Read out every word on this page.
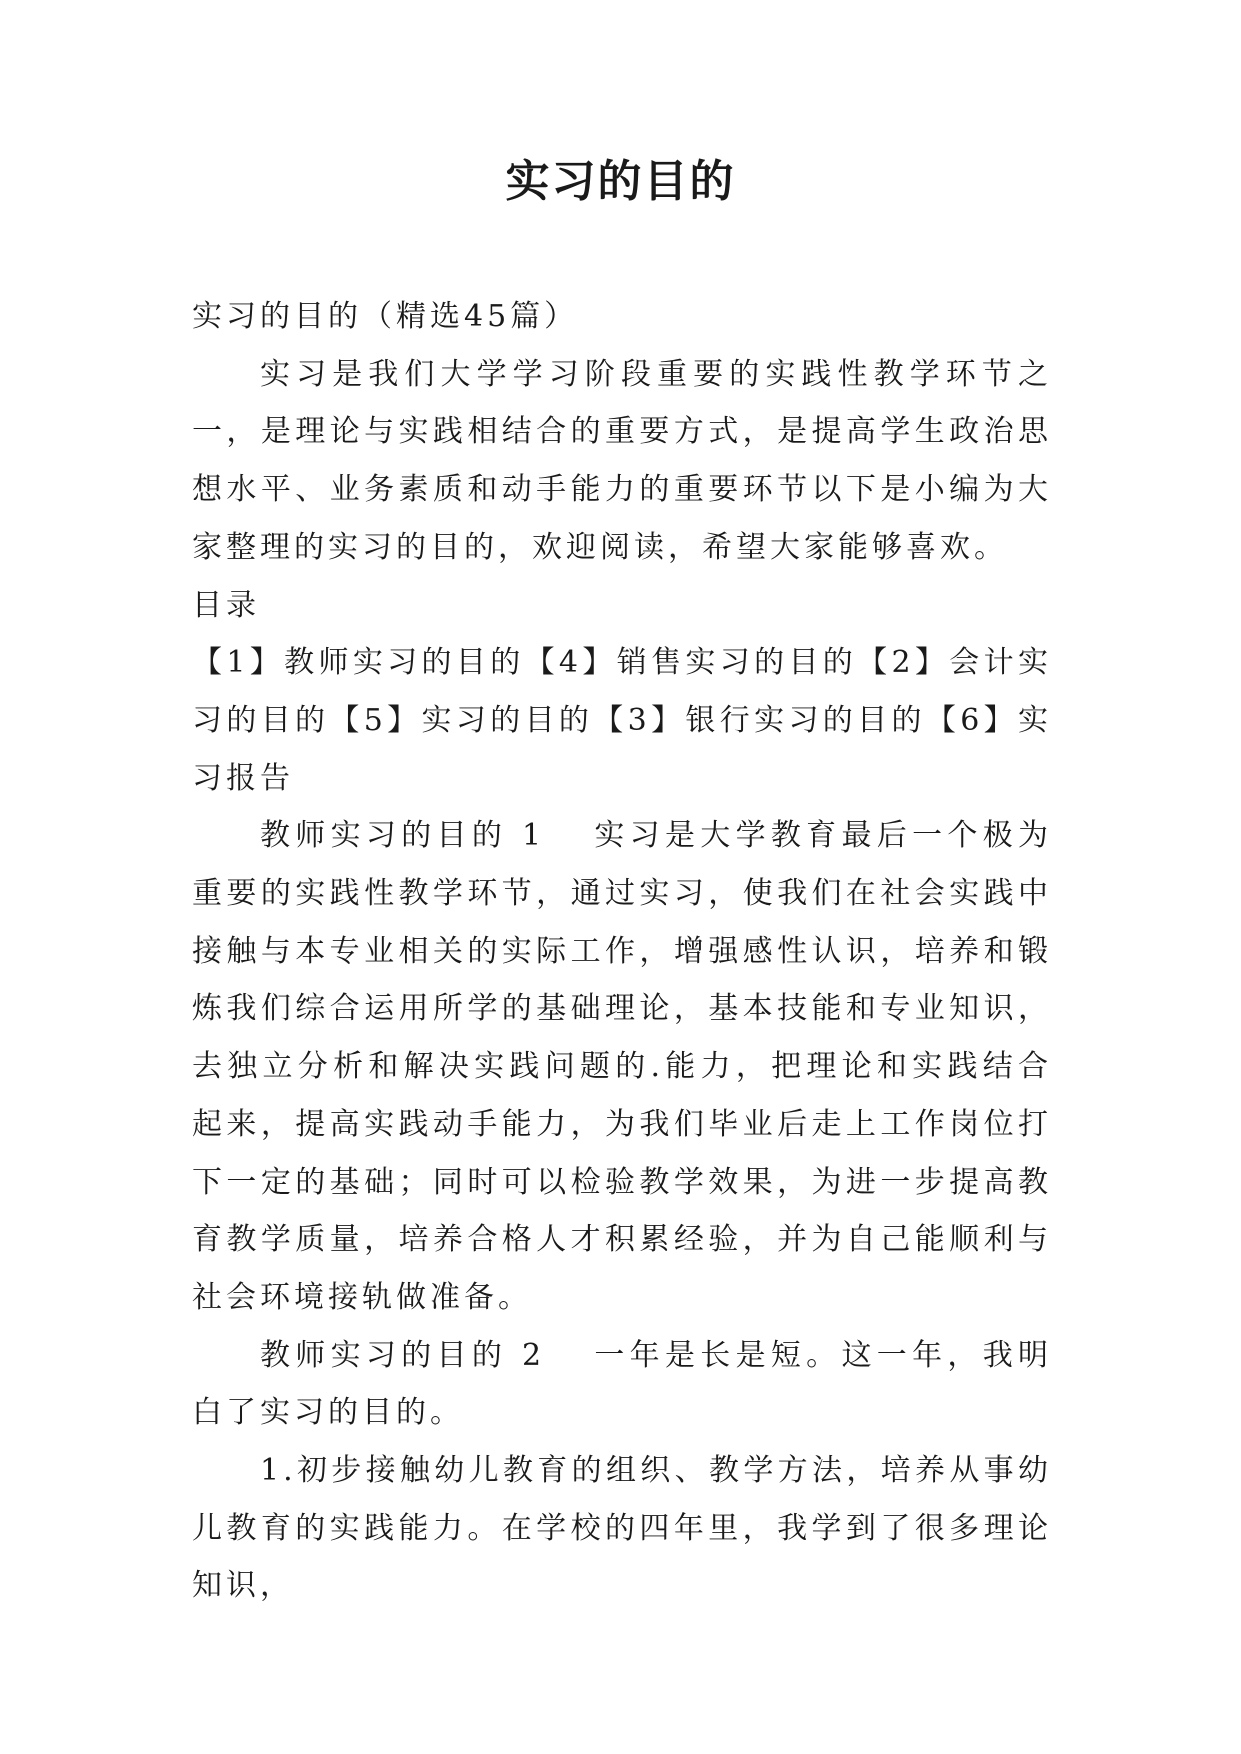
实习的目的

实习的目的（精选45篇）

实习是我们大学学习阶段重要的实践性教学环节之一，是理论与实践相结合的重要方式，是提高学生政治思想水平、业务素质和动手能力的重要环节以下是小编为大家整理的实习的目的，欢迎阅读，希望大家能够喜欢。

目录

【1】教师实习的目的【4】销售实习的目的【2】会计实习的目的【5】实习的目的【3】银行实习的目的【6】实习报告

教师实习的目的 1 实习是大学教育最后一个极为重要的实践性教学环节，通过实习，使我们在社会实践中接触与本专业相关的实际工作，增强感性认识，培养和锻炼我们综合运用所学的基础理论，基本技能和专业知识，去独立分析和解决实践问题的.能力，把理论和实践结合起来，提高实践动手能力，为我们毕业后走上工作岗位打下一定的基础；同时可以检验教学效果，为进一步提高教育教学质量，培养合格人才积累经验，并为自己能顺利与社会环境接轨做准备。

教师实习的目的 2 一年是长是短。这一年，我明白了实习的目的。

1.初步接触幼儿教育的组织、教学方法，培养从事幼儿教育的实践能力。在学校的四年里，我学到了很多理论知识，
